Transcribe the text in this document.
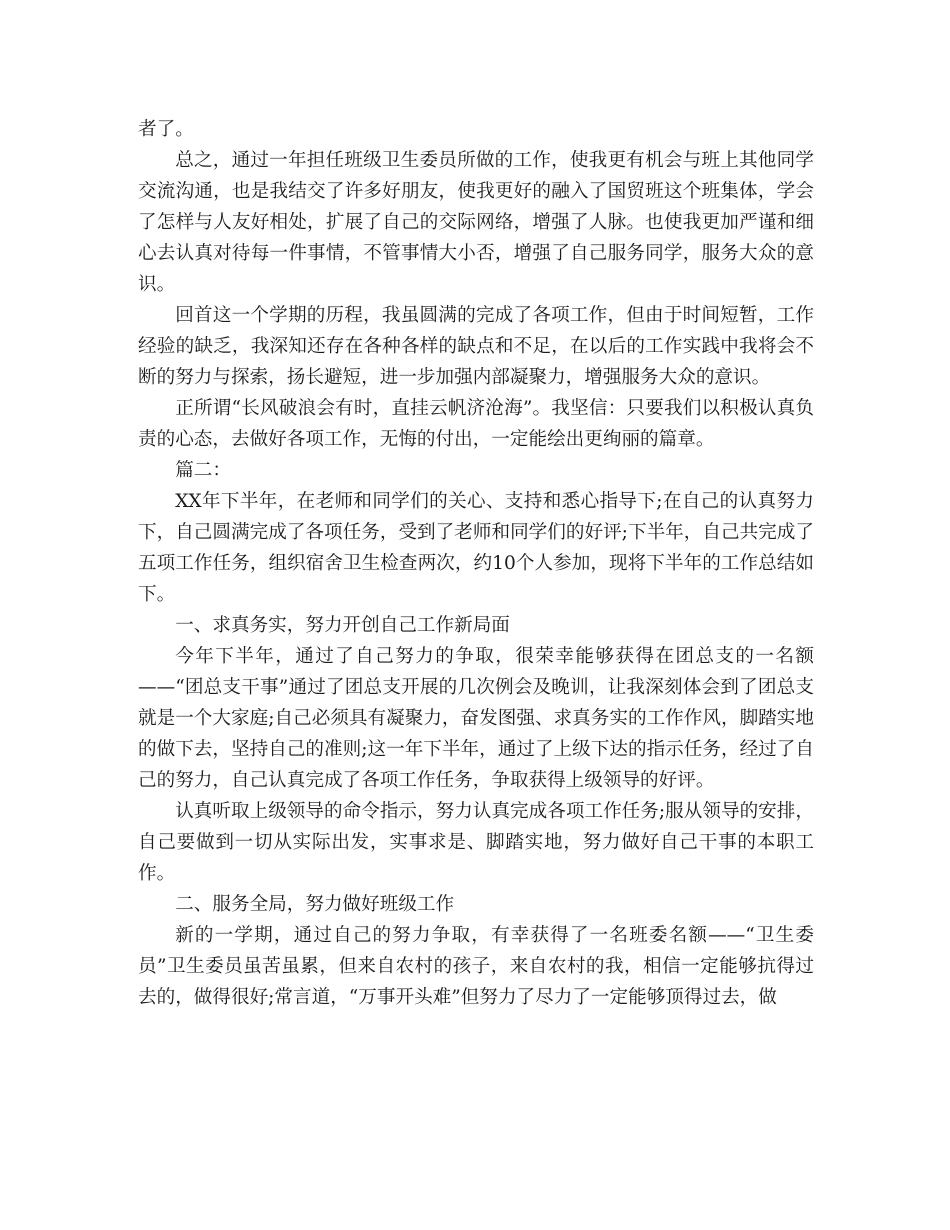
者了。

总之，通过一年担任班级卫生委员所做的工作，使我更有机会与班上其他同学交流沟通，也是我结交了许多好朋友，使我更好的融入了国贸班这个班集体，学会了怎样与人友好相处，扩展了自己的交际网络，增强了人脉。也使我更加严谨和细心去认真对待每一件事情，不管事情大小否，增强了自己服务同学，服务大众的意识。

回首这一个学期的历程，我虽圆满的完成了各项工作，但由于时间短暂，工作经验的缺乏，我深知还存在各种各样的缺点和不足，在以后的工作实践中我将会不断的努力与探索，扬长避短，进一步加强内部凝聚力，增强服务大众的意识。

正所谓“长风破浪会有时，直挂云帆济沧海”。我坚信：只要我们以积极认真负责的心态，去做好各项工作，无悔的付出，一定能绘出更绚丽的篇章。

篇二：

XX年下半年，在老师和同学们的关心、支持和悉心指导下;在自己的认真努力下，自己圆满完成了各项任务，受到了老师和同学们的好评;下半年，自己共完成了五项工作任务，组织宿舍卫生检查两次，约10个人参加，现将下半年的工作总结如下。

一、求真务实，努力开创自己工作新局面

今年下半年，通过了自己努力的争取，很荣幸能够获得在团总支的一名额——“团总支干事”通过了团总支开展的几次例会及晚训，让我深刻体会到了团总支就是一个大家庭;自己必须具有凝聚力，奋发图强、求真务实的工作作风，脚踏实地的做下去，坚持自己的准则;这一年下半年，通过了上级下达的指示任务，经过了自己的努力，自己认真完成了各项工作任务，争取获得上级领导的好评。

认真听取上级领导的命令指示，努力认真完成各项工作任务;服从领导的安排，自己要做到一切从实际出发，实事求是、脚踏实地，努力做好自己干事的本职工作。

二、服务全局，努力做好班级工作

新的一学期，通过自己的努力争取，有幸获得了一名班委名额——“卫生委员”卫生委员虽苦虽累，但来自农村的孩子，来自农村的我，相信一定能够抗得过去的，做得很好;常言道，“万事开头难”但努力了尽力了一定能够顶得过去，做
